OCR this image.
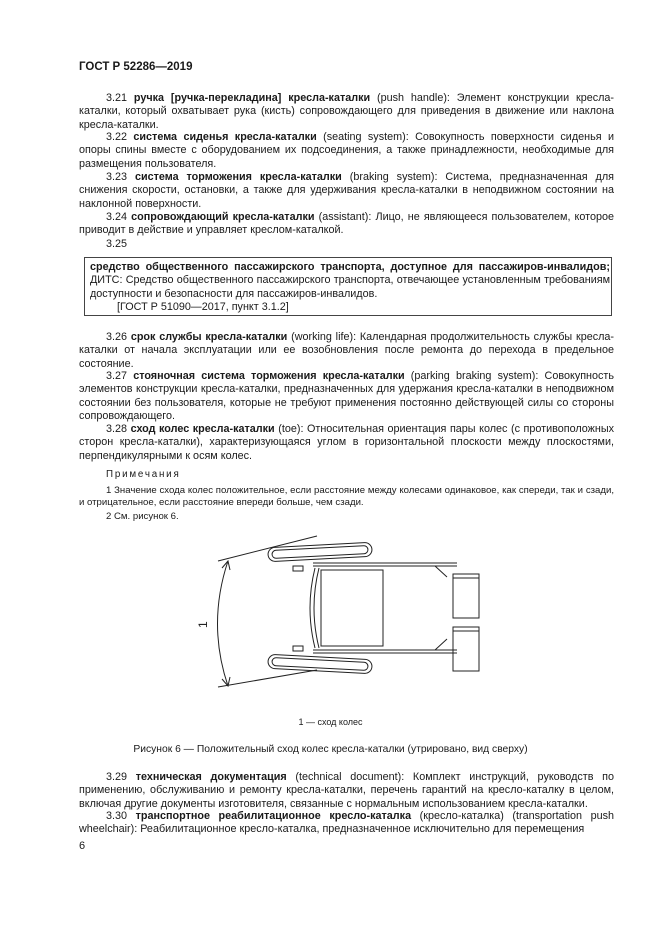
ГОСТ Р 52286—2019

3.21 ручка [ручка-перекладина] кресла-каталки (push handle): Элемент конструкции кресла-каталки, который охватывает рука (кисть) сопровождающего для приведения в движение или наклона кресла-каталки.

3.22 система сиденья кресла-каталки (seating system): Совокупность поверхности сиденья и опоры спины вместе с оборудованием их подсоединения, а также принадлежности, необходимые для размещения пользователя.

3.23 система торможения кресла-каталки (braking system): Система, предназначенная для снижения скорости, остановки, а также для удерживания кресла-каталки в неподвижном состоянии на наклонной поверхности.

3.24 сопровождающий кресла-каталки (assistant): Лицо, не являющееся пользователем, которое приводит в действие и управляет креслом-каталкой.

3.25

средство общественного пассажирского транспорта, доступное для пассажиров-инвалидов; ДИТС: Средство общественного пассажирского транспорта, отвечающее установленным требованиям доступности и безопасности для пассажиров-инвалидов.

[ГОСТ Р 51090—2017, пункт 3.1.2]

3.26 срок службы кресла-каталки (working life): Календарная продолжительность службы кресла-каталки от начала эксплуатации или ее возобновления после ремонта до перехода в предельное состояние.

3.27 стояночная система торможения кресла-каталки (parking braking system): Совокупность элементов конструкции кресла-каталки, предназначенных для удержания кресла-каталки в неподвижном состоянии без пользователя, которые не требуют применения постоянно действующей силы со стороны сопровождающего.

3.28 сход колес кресла-каталки (toe): Относительная ориентация пары колес (с противоположных сторон кресла-каталки), характеризующаяся углом в горизонтальной плоскости между плоскостями, перпендикулярными к осям колес.

Примечания

1 Значение схода колес положительное, если расстояние между колесами одинаковое, как спереди, так и сзади, и отрицательное, если расстояние впереди больше, чем сзади.

2 См. рисунок 6.

1
1 — сход колес
Рисунок 6 — Положительный сход колес кресла-каталки (утрировано, вид сверху)

3.29 техническая документация (technical document): Комплект инструкций, руководств по применению, обслуживанию и ремонту кресла-каталки, перечень гарантий на кресло-каталку в целом, включая другие документы изготовителя, связанные с нормальным использованием кресла-каталки.

3.30 транспортное реабилитационное кресло-каталка (кресло-каталка) (transportation push wheelchair): Реабилитационное кресло-каталка, предназначенное исключительно для перемещения

6
